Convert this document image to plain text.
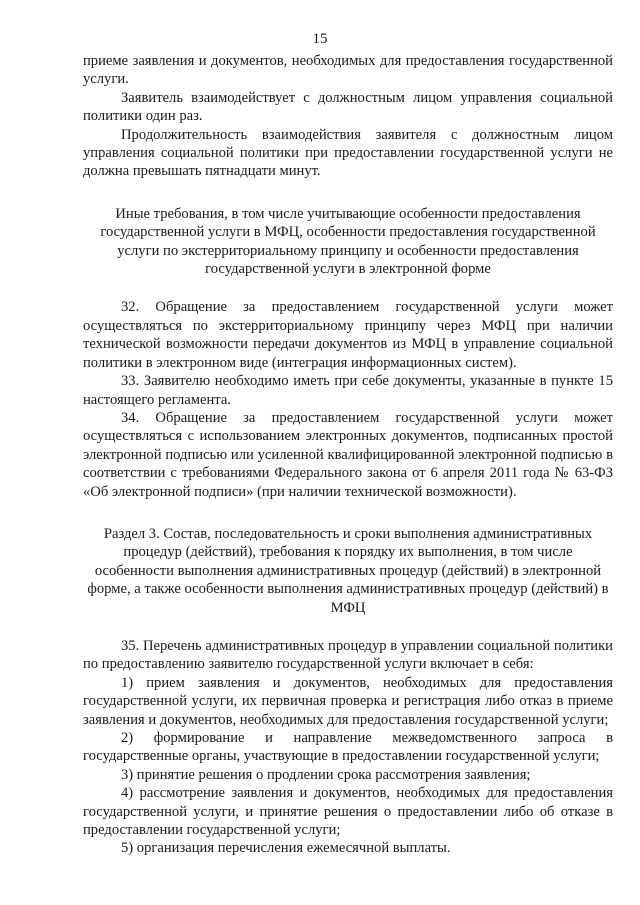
15

приеме заявления и документов, необходимых для предоставления государственной услуги.

Заявитель взаимодействует с должностным лицом управления социальной политики один раз.

Продолжительность взаимодействия заявителя с должностным лицом управления социальной политики при предоставлении государственной услуги не должна превышать пятнадцати минут.

Иные требования, в том числе учитывающие особенности предоставления государственной услуги в МФЦ, особенности предоставления государственной услуги по экстерриториальному принципу и особенности предоставления государственной услуги в электронной форме

32. Обращение за предоставлением государственной услуги может осуществляться по экстерриториальному принципу через МФЦ при наличии технической возможности передачи документов из МФЦ в управление социальной политики в электронном виде (интеграция информационных систем).

33. Заявителю необходимо иметь при себе документы, указанные в пункте 15 настоящего регламента.

34. Обращение за предоставлением государственной услуги может осуществляться с использованием электронных документов, подписанных простой электронной подписью или усиленной квалифицированной электронной подписью в соответствии с требованиями Федерального закона от 6 апреля 2011 года № 63-ФЗ «Об электронной подписи» (при наличии технической возможности).

Раздел 3. Состав, последовательность и сроки выполнения административных процедур (действий), требования к порядку их выполнения, в том числе особенности выполнения административных процедур (действий) в электронной форме, а также особенности выполнения административных процедур (действий) в МФЦ

35. Перечень административных процедур в управлении социальной политики по предоставлению заявителю государственной услуги включает в себя:

1) прием заявления и документов, необходимых для предоставления государственной услуги, их первичная проверка и регистрация либо отказ в приеме заявления и документов, необходимых для предоставления государственной услуги;

2) формирование и направление межведомственного запроса в государственные органы, участвующие в предоставлении государственной услуги;

3) принятие решения о продлении срока рассмотрения заявления;

4) рассмотрение заявления и документов, необходимых для предоставления государственной услуги, и принятие решения о предоставлении либо об отказе в предоставлении государственной услуги;

5) организация перечисления ежемесячной выплаты.
